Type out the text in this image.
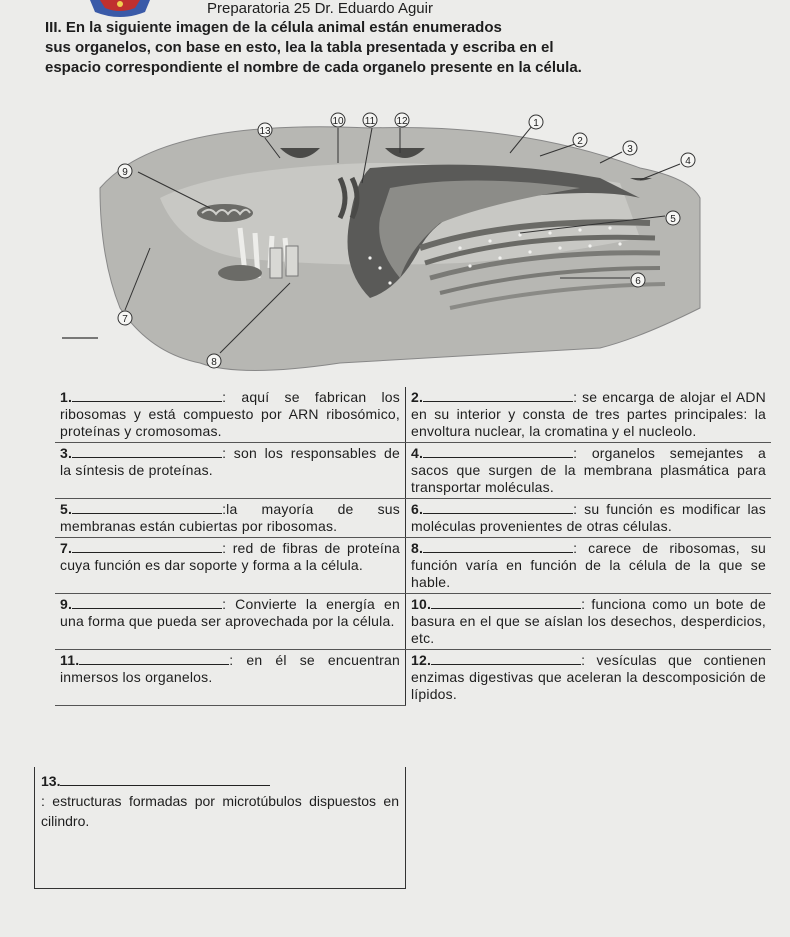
Preparatoria 25 Dr. Eduardo Aguir
III. En la siguiente imagen de la célula animal están enumerados
sus organelos, con base en esto, lea la tabla presentada y escriba en el
espacio correspondiente el nombre de cada organelo presente en la célula.
13
10 11 12	1
2
3
4
5
6
9
7
8
1. : aquí se fabrican los ribosomas y está compuesto por ARN ribosómico, proteínas y cromosomas.	2. : se encarga de alojar el ADN en su interior y consta de tres partes principales: la envoltura nuclear, la cromatina y el nucleolo.
3. : son los responsables de la síntesis de proteínas.	4. : organelos semejantes a sacos que surgen de la membrana plasmática para transportar moléculas.
5. :la mayoría de sus membranas están cubiertas por ribosomas.	6. : su función es modificar las moléculas provenientes de otras células.
7. : red de fibras de proteína cuya función es dar soporte y forma a la célula.	8. : carece de ribosomas, su función varía en función de la célula de la que se hable.
9. : Convierte la energía en una forma que pueda ser aprovechada por la célula.	10. : funciona como un bote de basura en el que se aíslan los desechos, desperdicios, etc.
11. : en él se encuentran inmersos los organelos.	12. : vesículas que contienen enzimas digestivas que aceleran la descomposición de lípidos.
13.
: estructuras formadas por microtúbulos dispuestos en cilindro.
